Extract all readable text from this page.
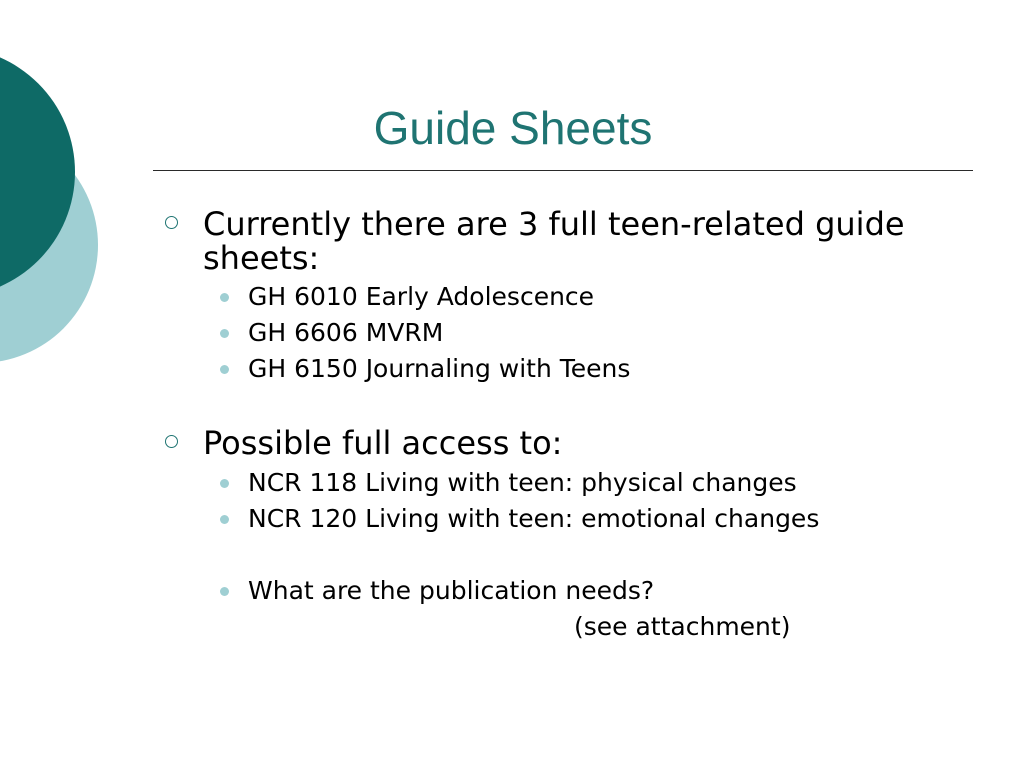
Guide Sheets
Currently there are 3 full teen-related guide sheets:
GH 6010 Early Adolescence
GH 6606 MVRM
GH 6150 Journaling with Teens
Possible full access to:
NCR 118 Living with teen: physical changes
NCR 120 Living with teen: emotional changes
What are the publication needs?
(see attachment)
